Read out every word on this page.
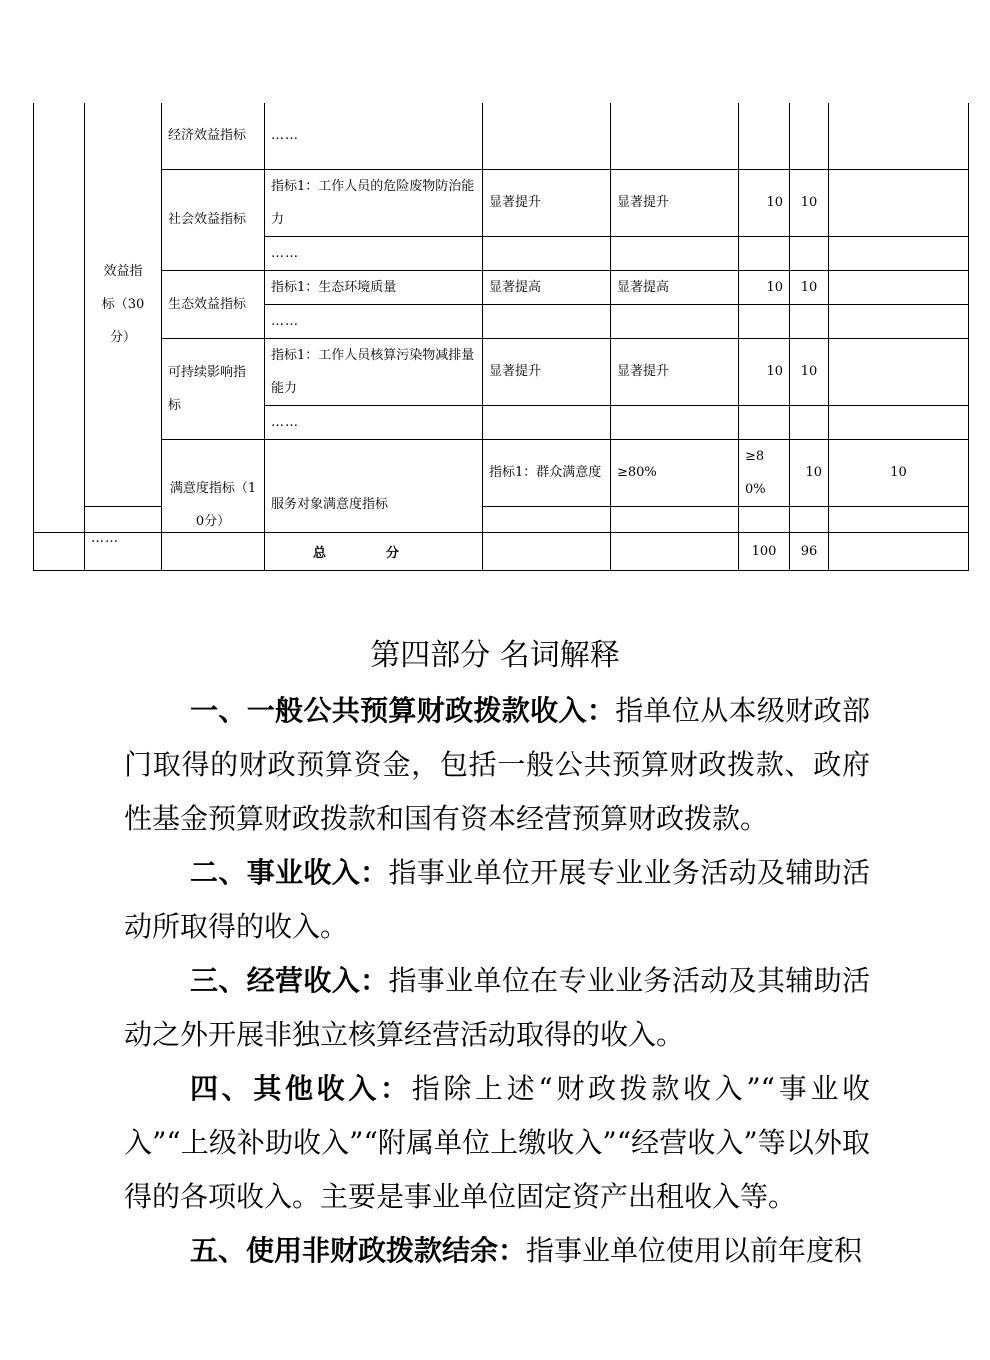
	效益指标（30分）	经济效益指标	……						
		社会效益指标	指标1：工作人员的危险废物防治能力	显著提升	显著提升	10	10		
			……						
		生态效益指标	指标1：生态环境质量	显著提高	显著提高	10	10		
			……						
		可持续影响指标	指标1：工作人员核算污染物减排量能力	显著提升	显著提升	10	10		
			……						
		满意度指标（10分）	服务对象满意度指标	指标1：群众满意度	≥80%	≥80%	10	10	
	……								
总分	100	96	
第四部分 名词解释

一、一般公共预算财政拨款收入：指单位从本级财政部门取得的财政预算资金，包括一般公共预算财政拨款、政府性基金预算财政拨款和国有资本经营预算财政拨款。

二、事业收入：指事业单位开展专业业务活动及辅助活动所取得的收入。

三、经营收入：指事业单位在专业业务活动及其辅助活动之外开展非独立核算经营活动取得的收入。

四、其他收入：指除上述“财政拨款收入”“事业收入”“上级补助收入”“附属单位上缴收入”“经营收入”等以外取得的各项收入。主要是事业单位固定资产出租收入等。

五、使用非财政拨款结余：指事业单位使用以前年度积
